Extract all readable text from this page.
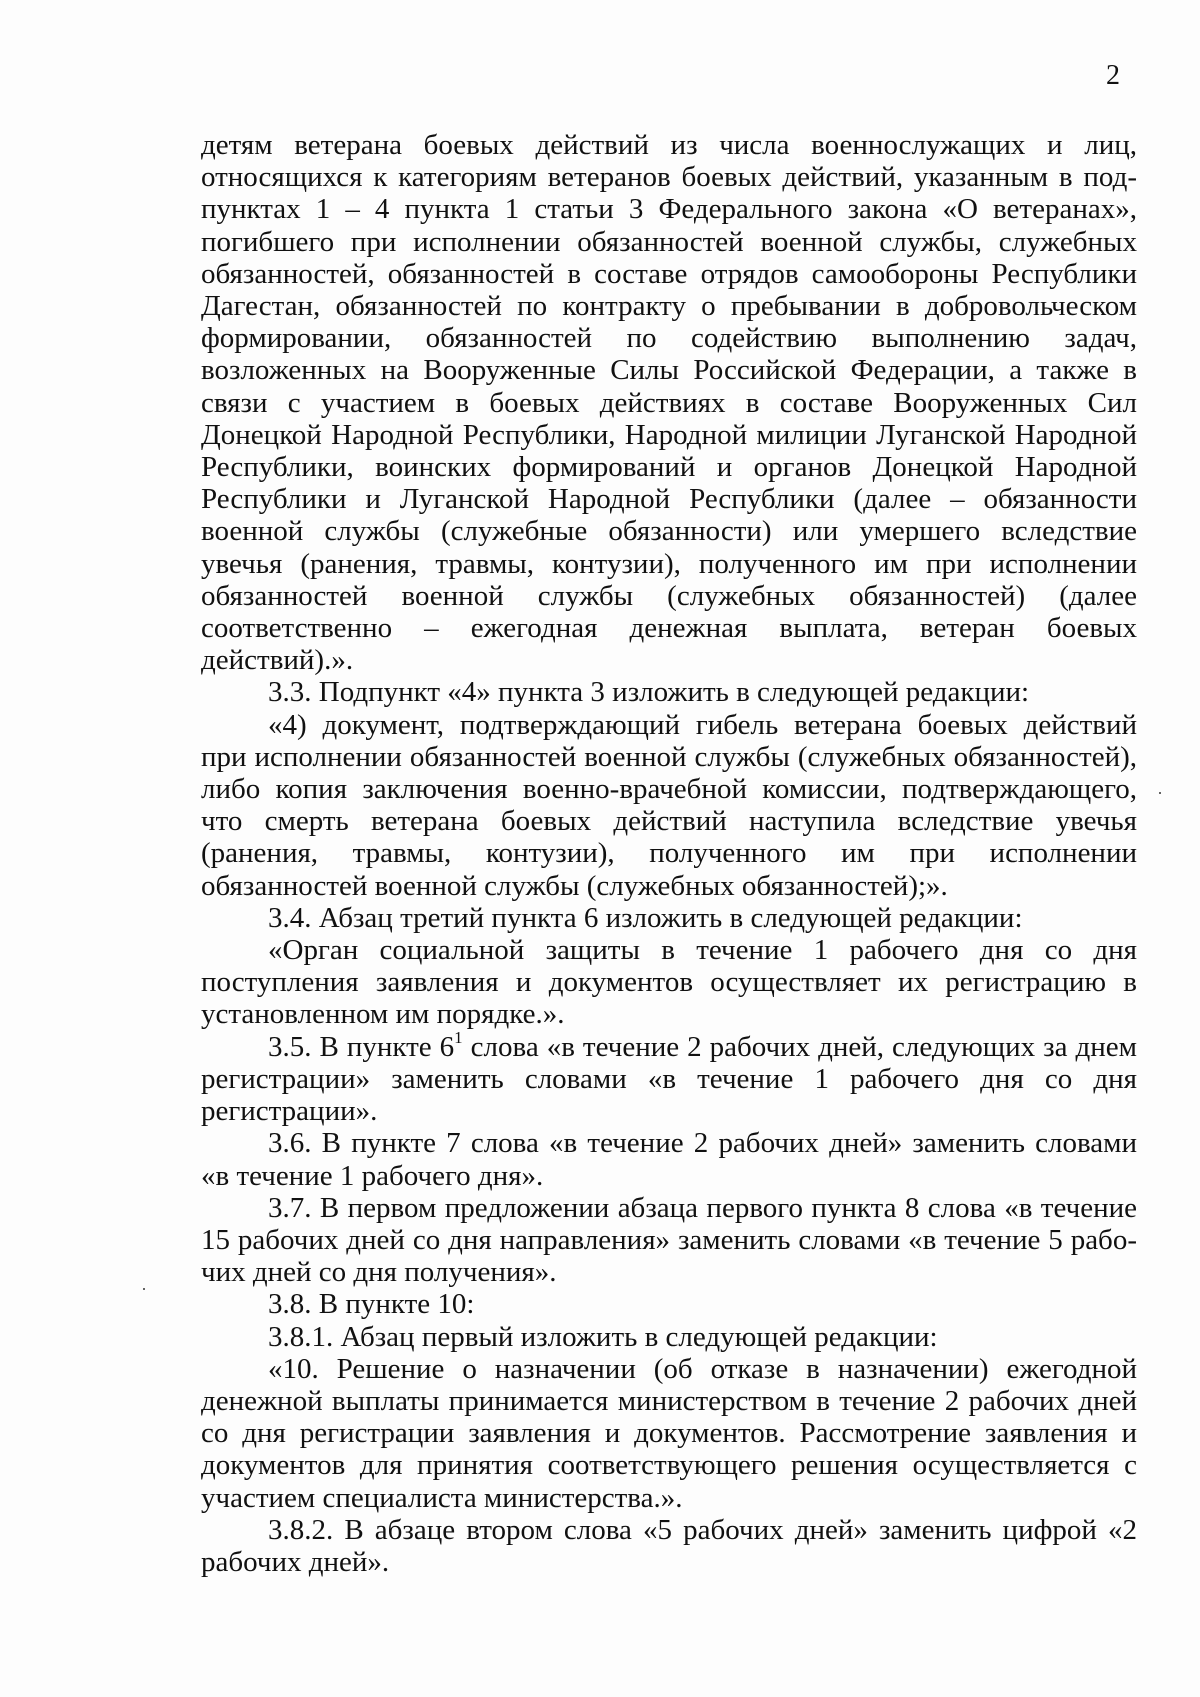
2

детям ветерана боевых действий из числа военнослужащих и лиц, относящихся к категориям ветеранов боевых действий, указанным в подпунктах 1 – 4 пункта 1 статьи 3 Федерального закона «О ветеранах», погибшего при исполнении обязанностей военной службы, служебных обязанностей, обязанностей в составе отрядов самообороны Республики Дагестан, обязанностей по контракту о пребывании в добровольческом формировании, обязанностей по содействию выполнению задач, возложенных на Вооруженные Силы Российской Федерации, а также в связи с участием в боевых действиях в составе Вооруженных Сил Донецкой Народной Республики, Народной милиции Луганской Народной Республики, воинских формирований и органов Донецкой Народной Республики и Луганской Народной Республики (далее – обязанности военной службы (служебные обязанности) или умершего вследствие увечья (ранения, травмы, контузии), полученного им при исполнении обязанностей военной службы (служебных обязанностей) (далее соответственно – ежегодная денежная выплата, ветеран боевых действий).».

3.3. Подпункт «4» пункта 3 изложить в следующей редакции:

«4) документ, подтверждающий гибель ветерана боевых действий при исполнении обязанностей военной службы (служебных обязанностей), либо копия заключения военно-врачебной комиссии, подтверждающего, что смерть ветерана боевых действий наступила вследствие увечья (ранения, травмы, контузии), полученного им при исполнении обязанностей военной службы (служебных обязанностей);».

3.4. Абзац третий пункта 6 изложить в следующей редакции:

«Орган социальной защиты в течение 1 рабочего дня со дня поступления заявления и документов осуществляет их регистрацию в установленном им порядке.».

3.5. В пункте $6^1$ слова «в течение 2 рабочих дней, следующих за днем регистрации» заменить словами «в течение 1 рабочего дня со дня регистрации».

3.6. В пункте 7 слова «в течение 2 рабочих дней» заменить словами «в течение 1 рабочего дня».

3.7. В первом предложении абзаца первого пункта 8 слова «в течение 15 рабочих дней со дня направления» заменить словами «в течение 5 рабочих дней со дня получения».

3.8. В пункте 10:

3.8.1. Абзац первый изложить в следующей редакции:

«10. Решение о назначении (об отказе в назначении) ежегодной денежной выплаты принимается министерством в течение 2 рабочих дней со дня регистрации заявления и документов. Рассмотрение заявления и документов для принятия соответствующего решения осуществляется с участием специалиста министерства.».

3.8.2. В абзаце втором слова «5 рабочих дней» заменить цифрой «2 рабочих дней».
